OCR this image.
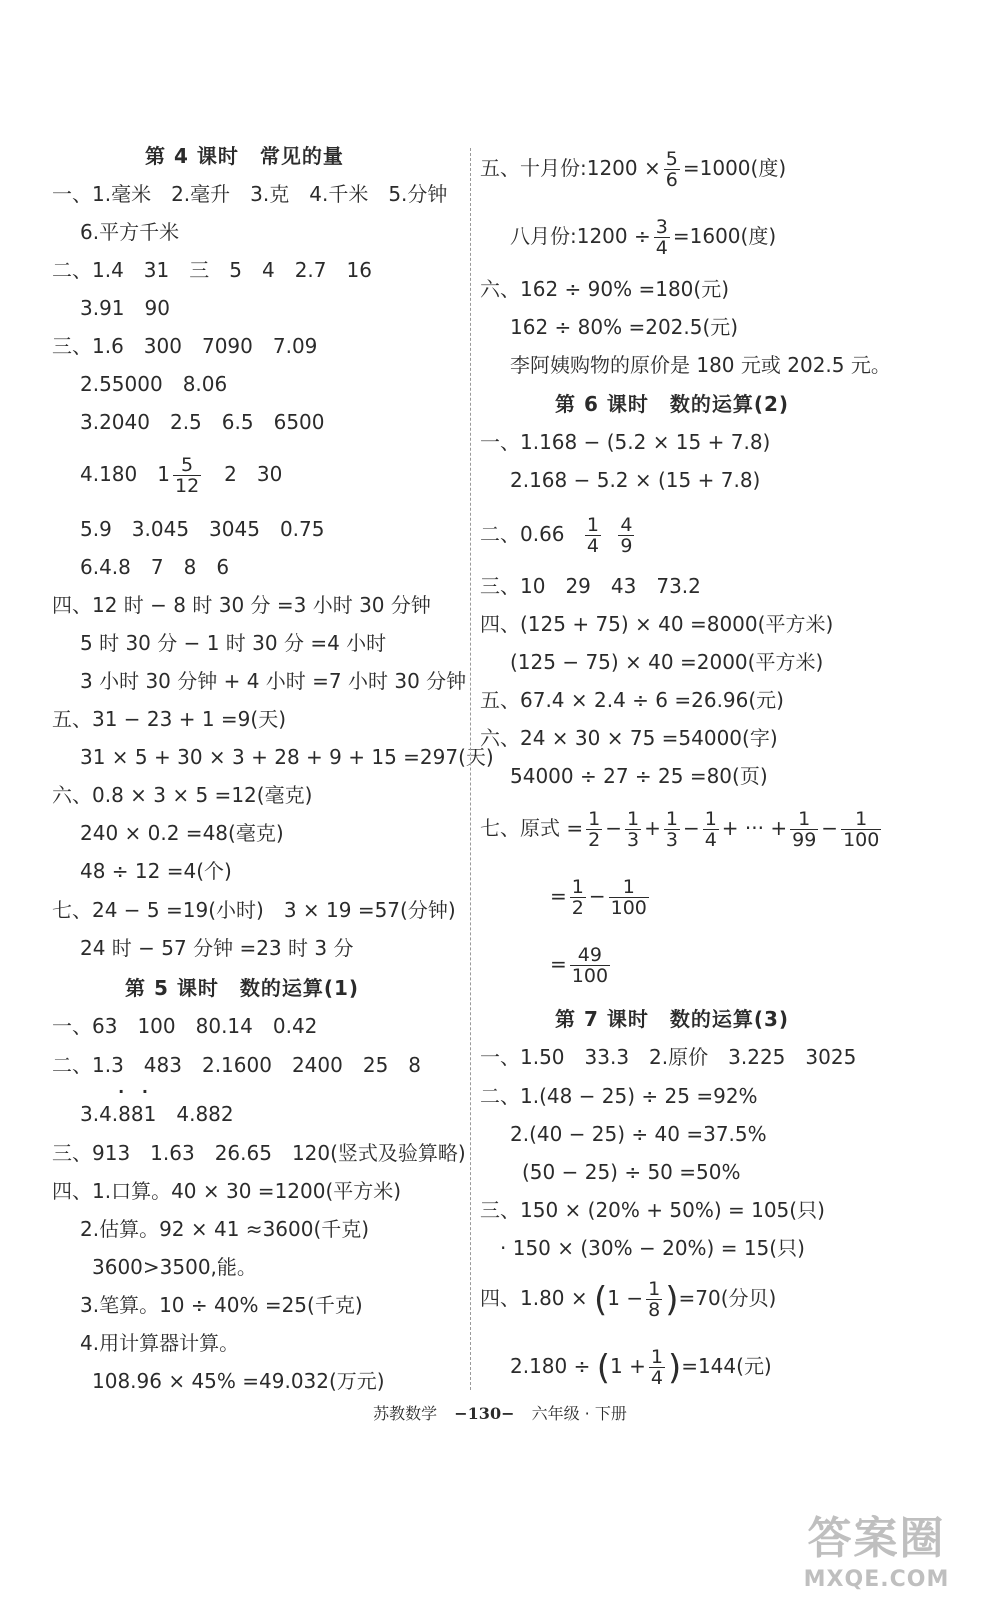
第 4 课时　常见的量
一、1.毫米　2.毫升　3.克　4.千米　5.分钟
6.平方千米
二、1.4　31　三　5　4　2.7　16
3.91　90
三、1.6　300　7090　7.09
2.55000　8.06
3.2040　2.5　6.5　6500
4.180　$1 \frac{5}{12}$ 　2　30
5.9　3.045　3045　0.75
6.4.8　7　8　6
四、12 时 − 8 时 30 分 =3 小时 30 分钟
5 时 30 分 − 1 时 30 分 =4 小时
3 小时 30 分钟 + 4 小时 =7 小时 30 分钟
五、31 − 23 + 1 =9(天)
31 × 5 + 30 × 3 + 28 + 9 + 15 =297(天)
六、0.8 × 3 × 5 =12(毫克)
240 × 0.2 =48(毫克)
48 ÷ 12 =4(个)
七、24 − 5 =19(小时)　3 × 19 =57(分钟)
24 时 − 57 分钟 =23 时 3 分
第 5 课时　数的运算(1)
一、63　100　80.14　0.42
二、1.3　483　2.1600　2400　25　8
3.4.
· ·
881　4.882
三、913　1.63　26.65　120(竖式及验算略)
四、1.口算。40 × 30 =1200(平方米)
2.估算。92 × 41 ≈3600(千克)
3600>3500,能。
3.笔算。10 ÷ 40% =25(千克)
4.用计算器计算。
108.96 × 45% =49.032(万元)
五、十月份:1200 × $\frac{5}{6} =1000$(度)
八月份:1200 ÷ $\frac{3}{4} =1600$(度)
六、162 ÷ 90% =180(元)
162 ÷ 80% =202.5(元)
李阿姨购物的原价是 180 元或 202.5 元。
第 6 课时　数的运算(2)
一、1.168 − (5.2 × 15 + 7.8)
2.168 − 5.2 × (15 + 7.8)
二、$0.66 \frac{1}{4}$
$\frac{4}{9}$
三、10　29　43　73.2
四、(125 + 75) × 40 =8000(平方米)
(125 − 75) × 40 =2000(平方米)
五、67.4 × 2.4 ÷ 6 =26.96(元)
六、24 × 30 × 75 =54000(字)
54000 ÷ 27 ÷ 25 =80(页)
七、原式 = $\frac{1}{2} - \frac{1}{3} + \frac{1}{3} - \frac{1}{4}$ + ··· + $\frac{1}{99} - \frac{1}{100}$
= $\frac{1}{2} - \frac{1}{100}$
= $\frac{49}{100}$
第 7 课时　数的运算(3)
一、1.50　33.3　2.原价　3.225　3025
二、1.(48 − 25) ÷ 25 =92%
2.(40 − 25) ÷ 40 =37.5%
(50 − 25) ÷ 50 =50%
三、150 × (20% + 50%) = 105(只)
· 150 × (30% − 20%) = 15(只)
四、$1.80 \times (1 - \frac{1}{8} )=70$(分贝)
$2.180 \div (1 + \frac{1}{4} )=144$(元)
苏教数学 −130− 六年级 · 下册
答案圈
MXQE.COM
